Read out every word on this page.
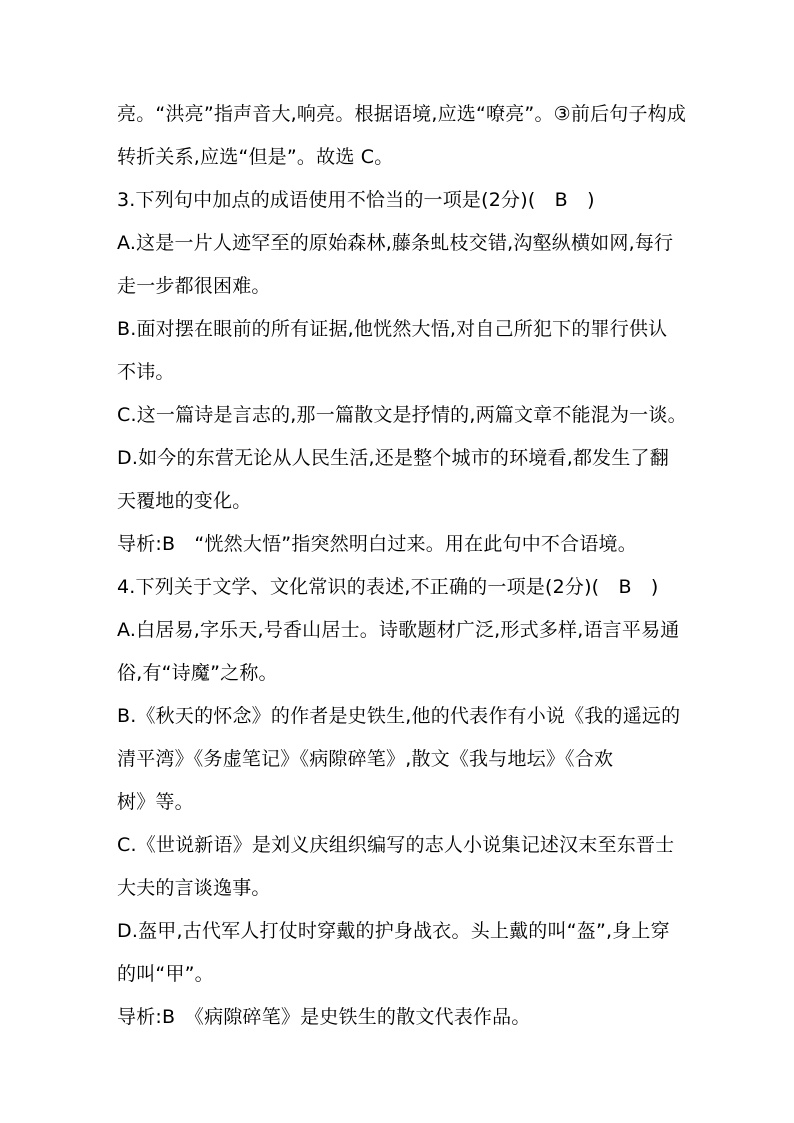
亮。“洪亮”指声音大,响亮。根据语境,应选“嘹亮”。③前后句子构成
转折关系,应选“但是”。故选 C。
3.下列句中加点的成语使用不恰当的一项是(2分)(　B　)
A.这是一片人迹罕至的原始森林,藤条虬枝交错,沟壑纵横如网,每行
走一步都很困难。
B.面对摆在眼前的所有证据,他恍然大悟,对自己所犯下的罪行供认
不讳。
C.这一篇诗是言志的,那一篇散文是抒情的,两篇文章不能混为一谈。
D.如今的东营无论从人民生活,还是整个城市的环境看,都发生了翻
天覆地的变化。
导析:B　“恍然大悟”指突然明白过来。用在此句中不合语境。
4.下列关于文学、文化常识的表述,不正确的一项是(2分)(　B　)
A.白居易,字乐天,号香山居士。诗歌题材广泛,形式多样,语言平易通
俗,有“诗魔”之称。
B.《秋天的怀念》的作者是史铁生,他的代表作有小说《我的遥远的
清平湾》《务虚笔记》《病隙碎笔》,散文《我与地坛》《合欢
树》等。
C.《世说新语》是刘义庆组织编写的志人小说集记述汉末至东晋士
大夫的言谈逸事。
D.盔甲,古代军人打仗时穿戴的护身战衣。头上戴的叫“盔”,身上穿
的叫“甲”。
导析:B　《病隙碎笔》是史铁生的散文代表作品。
